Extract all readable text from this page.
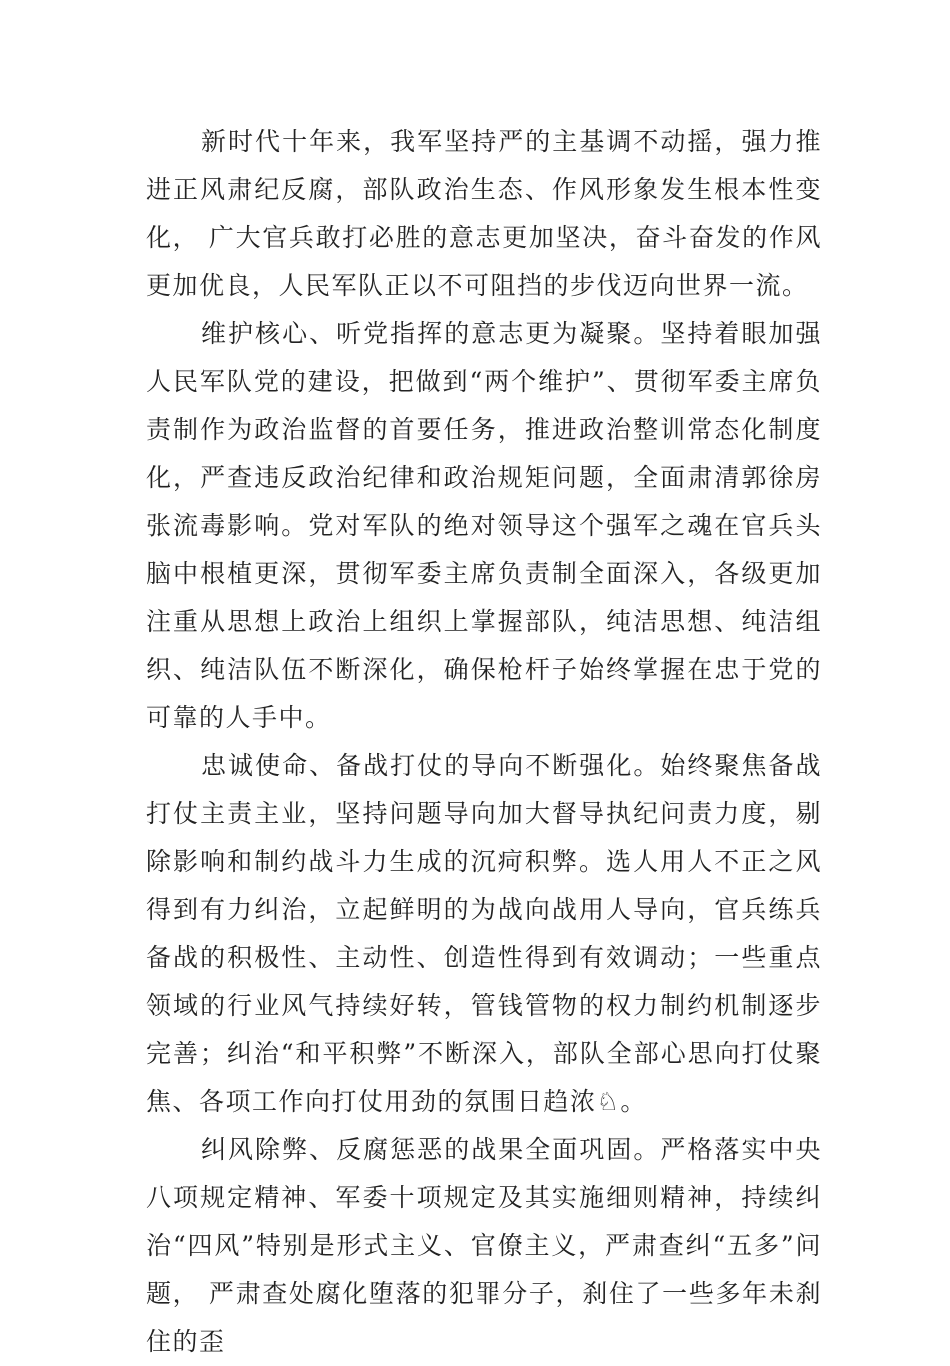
新时代十年来，我军坚持严的主基调不动摇，强力推进正风肃纪反腐，部队政治生态、作风形象发生根本性变化， 广大官兵敢打必胜的意志更加坚决，奋斗奋发的作风更加优良，人民军队正以不可阻挡的步伐迈向世界一流。

维护核心、听党指挥的意志更为凝聚。坚持着眼加强人民军队党的建设，把做到“两个维护”、贯彻军委主席负责制作为政治监督的首要任务，推进政治整训常态化制度化，严查违反政治纪律和政治规矩问题，全面肃清郭徐房张流毒影响。党对军队的绝对领导这个强军之魂在官兵头脑中根植更深，贯彻军委主席负责制全面深入，各级更加注重从思想上政治上组织上掌握部队，纯洁思想、纯洁组织、纯洁队伍不断深化，确保枪杆子始终掌握在忠于党的可靠的人手中。

忠诚使命、备战打仗的导向不断强化。始终聚焦备战打仗主责主业，坚持问题导向加大督导执纪问责力度，剔除影响和制约战斗力生成的沉疴积弊。选人用人不正之风得到有力纠治，立起鲜明的为战向战用人导向，官兵练兵备战的积极性、主动性、创造性得到有效调动；一些重点领域的行业风气持续好转，管钱管物的权力制约机制逐步完善；纠治“和平积弊”不断深入，部队全部心思向打仗聚焦、各项工作向打仗用劲的氛围日趋浓♘。

纠风除弊、反腐惩恶的战果全面巩固。严格落实中央八项规定精神、军委十项规定及其实施细则精神，持续纠治“四风”特别是形式主义、官僚主义，严肃查纠“五多”问题， 严肃查处腐化堕落的犯罪分子，刹住了一些多年未刹住的歪
